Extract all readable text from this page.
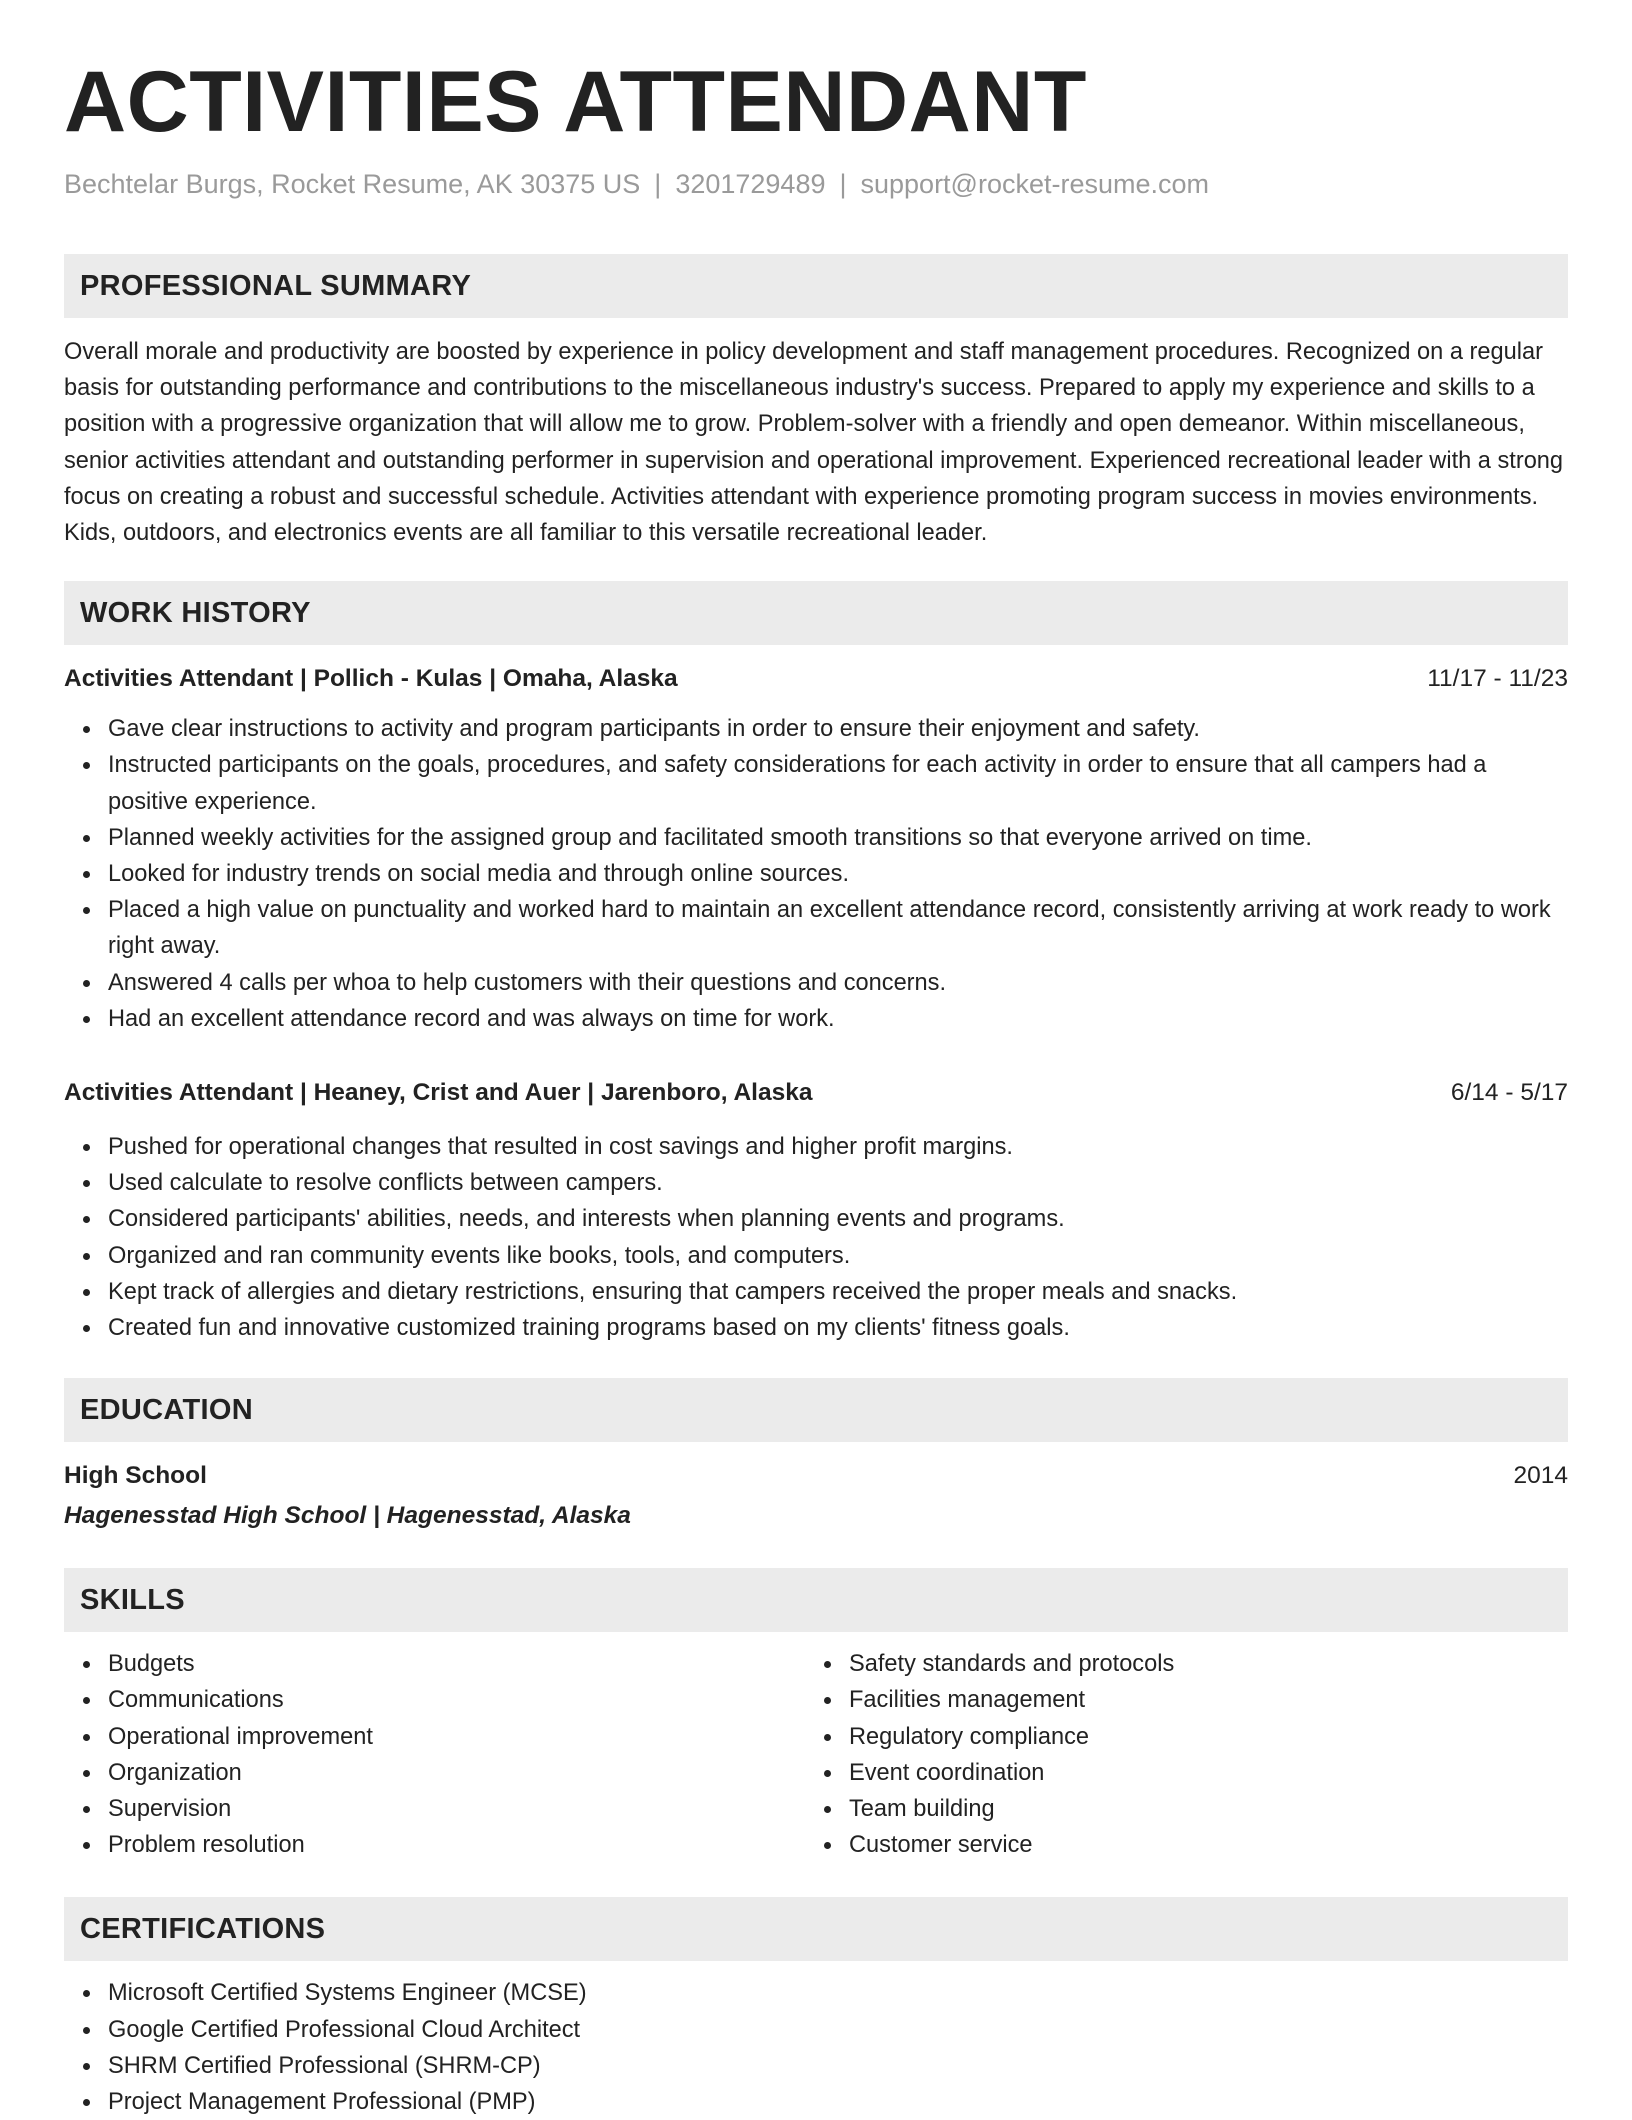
ACTIVITIES ATTENDANT
Bechtelar Burgs, Rocket Resume, AK 30375 US | 3201729489 | support@rocket-resume.com
PROFESSIONAL SUMMARY

Overall morale and productivity are boosted by experience in policy development and staff management procedures. Recognized on a regular basis for outstanding performance and contributions to the miscellaneous industry's success. Prepared to apply my experience and skills to a position with a progressive organization that will allow me to grow. Problem-solver with a friendly and open demeanor. Within miscellaneous, senior activities attendant and outstanding performer in supervision and operational improvement. Experienced recreational leader with a strong focus on creating a robust and successful schedule. Activities attendant with experience promoting program success in movies environments. Kids, outdoors, and electronics events are all familiar to this versatile recreational leader.

WORK HISTORY
Activities Attendant | Pollich - Kulas | Omaha, Alaska	11/17 - 11/23
Gave clear instructions to activity and program participants in order to ensure their enjoyment and safety.
Instructed participants on the goals, procedures, and safety considerations for each activity in order to ensure that all campers had a positive experience.
Planned weekly activities for the assigned group and facilitated smooth transitions so that everyone arrived on time.
Looked for industry trends on social media and through online sources.
Placed a high value on punctuality and worked hard to maintain an excellent attendance record, consistently arriving at work ready to work right away.
Answered 4 calls per whoa to help customers with their questions and concerns.
Had an excellent attendance record and was always on time for work.
Activities Attendant | Heaney, Crist and Auer | Jarenboro, Alaska	6/14 - 5/17
Pushed for operational changes that resulted in cost savings and higher profit margins.
Used calculate to resolve conflicts between campers.
Considered participants' abilities, needs, and interests when planning events and programs.
Organized and ran community events like books, tools, and computers.
Kept track of allergies and dietary restrictions, ensuring that campers received the proper meals and snacks.
Created fun and innovative customized training programs based on my clients' fitness goals.
EDUCATION
High School	2014
Hagenesstad High School | Hagenesstad, Alaska
SKILLS
Budgets
Communications
Operational improvement
Organization
Supervision
Problem resolution
Safety standards and protocols
Facilities management
Regulatory compliance
Event coordination
Team building
Customer service
CERTIFICATIONS
Microsoft Certified Systems Engineer (MCSE)
Google Certified Professional Cloud Architect
SHRM Certified Professional (SHRM-CP)
Project Management Professional (PMP)
